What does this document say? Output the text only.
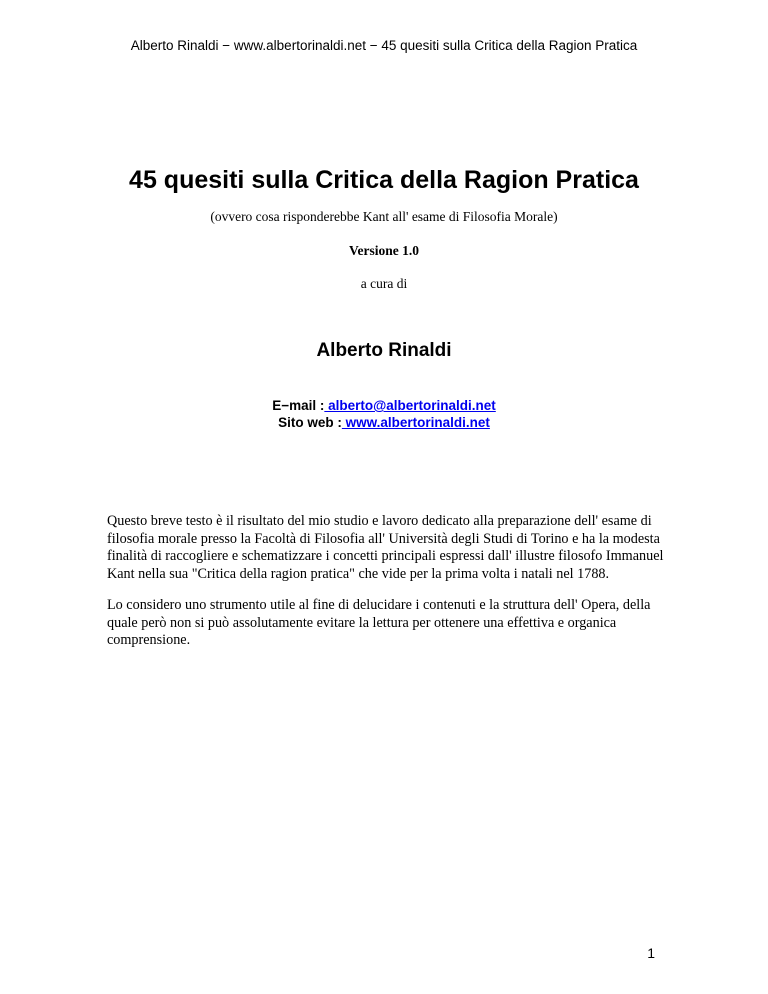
Alberto Rinaldi − www.albertorinaldi.net − 45 quesiti sulla Critica della Ragion Pratica
45 quesiti sulla Critica della Ragion Pratica
(ovvero cosa risponderebbe Kant all' esame di Filosofia Morale)
Versione 1.0
a cura di
Alberto Rinaldi
E−mail : alberto@albertorinaldi.net
Sito web : www.albertorinaldi.net

Questo breve testo è il risultato del mio studio e lavoro dedicato alla preparazione dell' esame di filosofia morale presso la Facoltà di Filosofia all' Università degli Studi di Torino e ha la modesta finalità di raccogliere e schematizzare i concetti principali espressi dall' illustre filosofo Immanuel Kant nella sua "Critica della ragion pratica" che vide per la prima volta i natali nel 1788.

Lo considero uno strumento utile al fine di delucidare i contenuti e la struttura dell' Opera, della quale però non si può assolutamente evitare la lettura per ottenere una effettiva e organica comprensione.

1
